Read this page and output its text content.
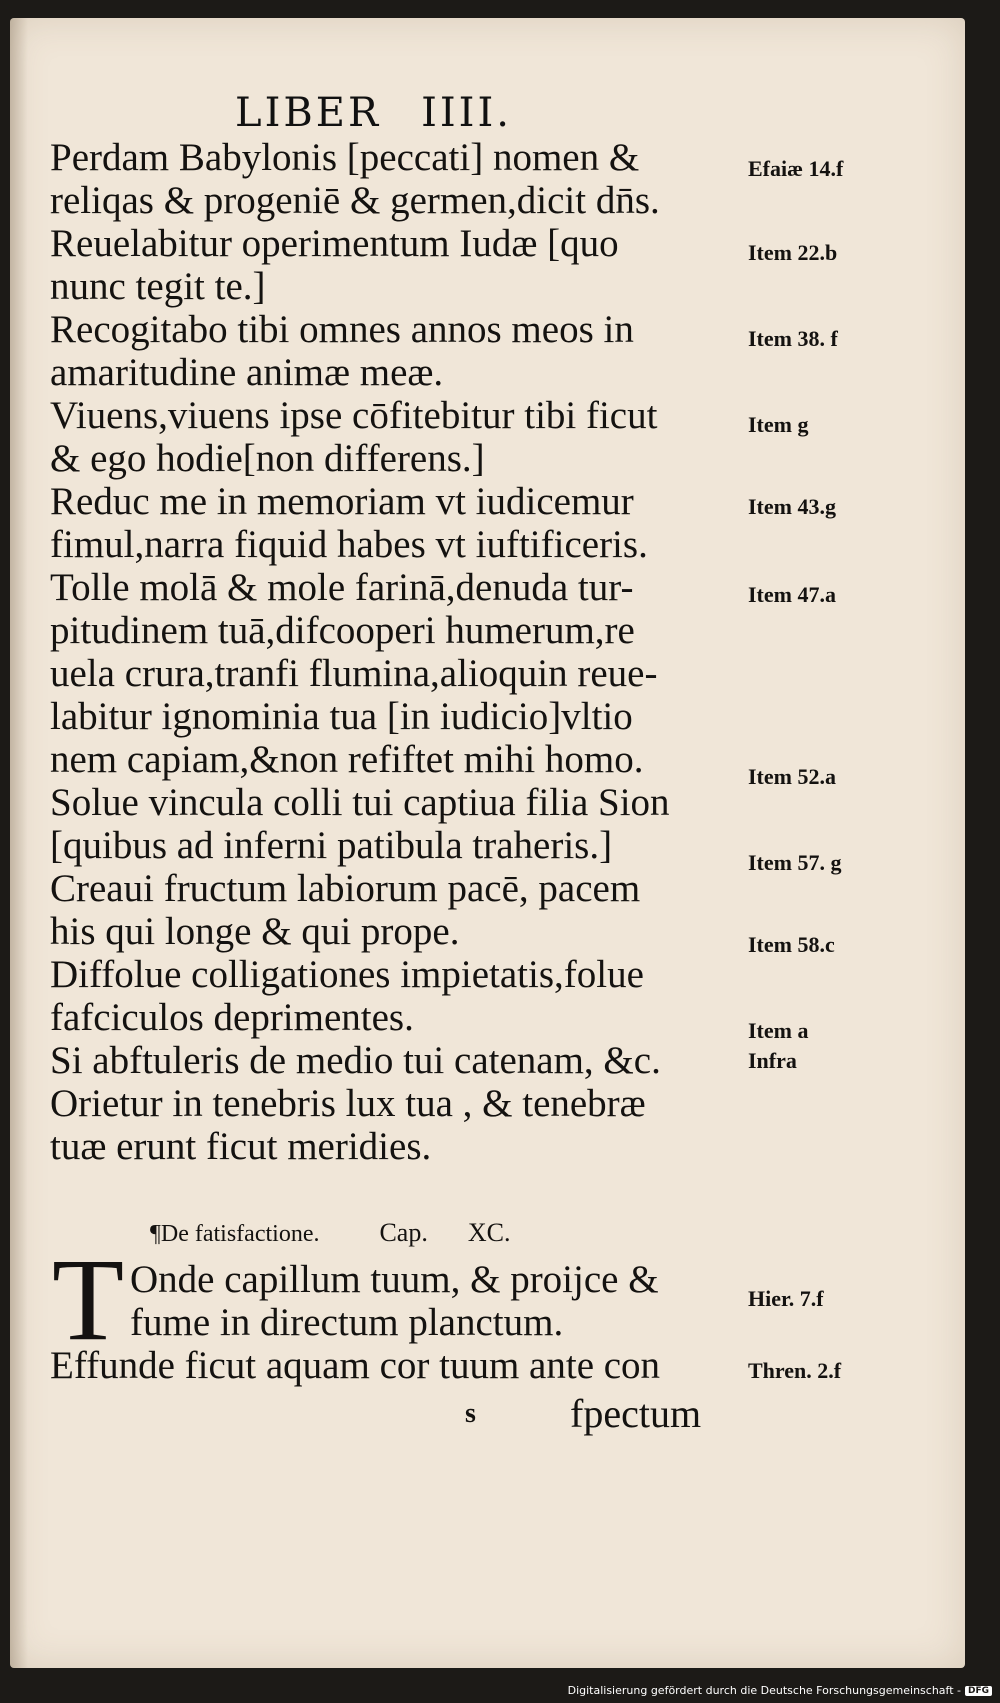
LIBER IIII.
Perdam Babylonis [peccati] nomen &
reliqas & progeniē & germen,dicit dn̄s.
Reuelabitur operimentum Iudæ [quo
nunc tegit te.]
Recogitabo tibi omnes annos meos in
amaritudine animæ meæ.
Viuens,viuens ipse cōfitebitur tibi ficut
& ego hodie[non differens.]
Reduc me in memoriam vt iudicemur
fimul,narra fiquid habes vt iuftificeris.
Tolle molā & mole farinā,denuda tur-
pitudinem tuā,difcooperi humerum,re
uela crura,tranfi flumina,alioquin reue-
labitur ignominia tua [in iudicio]vltio
nem capiam,&non refiftet mihi homo.
Solue vincula colli tui captiua filia Sion
[quibus ad inferni patibula traheris.]
Creaui fructum labiorum pacē, pacem
his qui longe & qui prope.
Diffolue colligationes impietatis,folue
fafciculos deprimentes.
Si abftuleris de medio tui catenam, &c.
Orietur in tenebris lux tua , & tenebræ
tuæ erunt ficut meridies.
Efaiæ 14.f
Item 22.b
Item 38. f
Item g
Item 43.g
Item 47.a
Item 52.a
Item 57. g
Item 58.c
Item a
Infra
Hier. 7.f
Thren. 2.f
¶De fatisfactione. Cap. XC.
T Onde capillum tuum, & proijce &
fume in directum planctum.
Effunde ficut aquam cor tuum ante con
s fpectum
Digitalisierung gefördert durch die Deutsche Forschungsgemeinschaft - DFG
